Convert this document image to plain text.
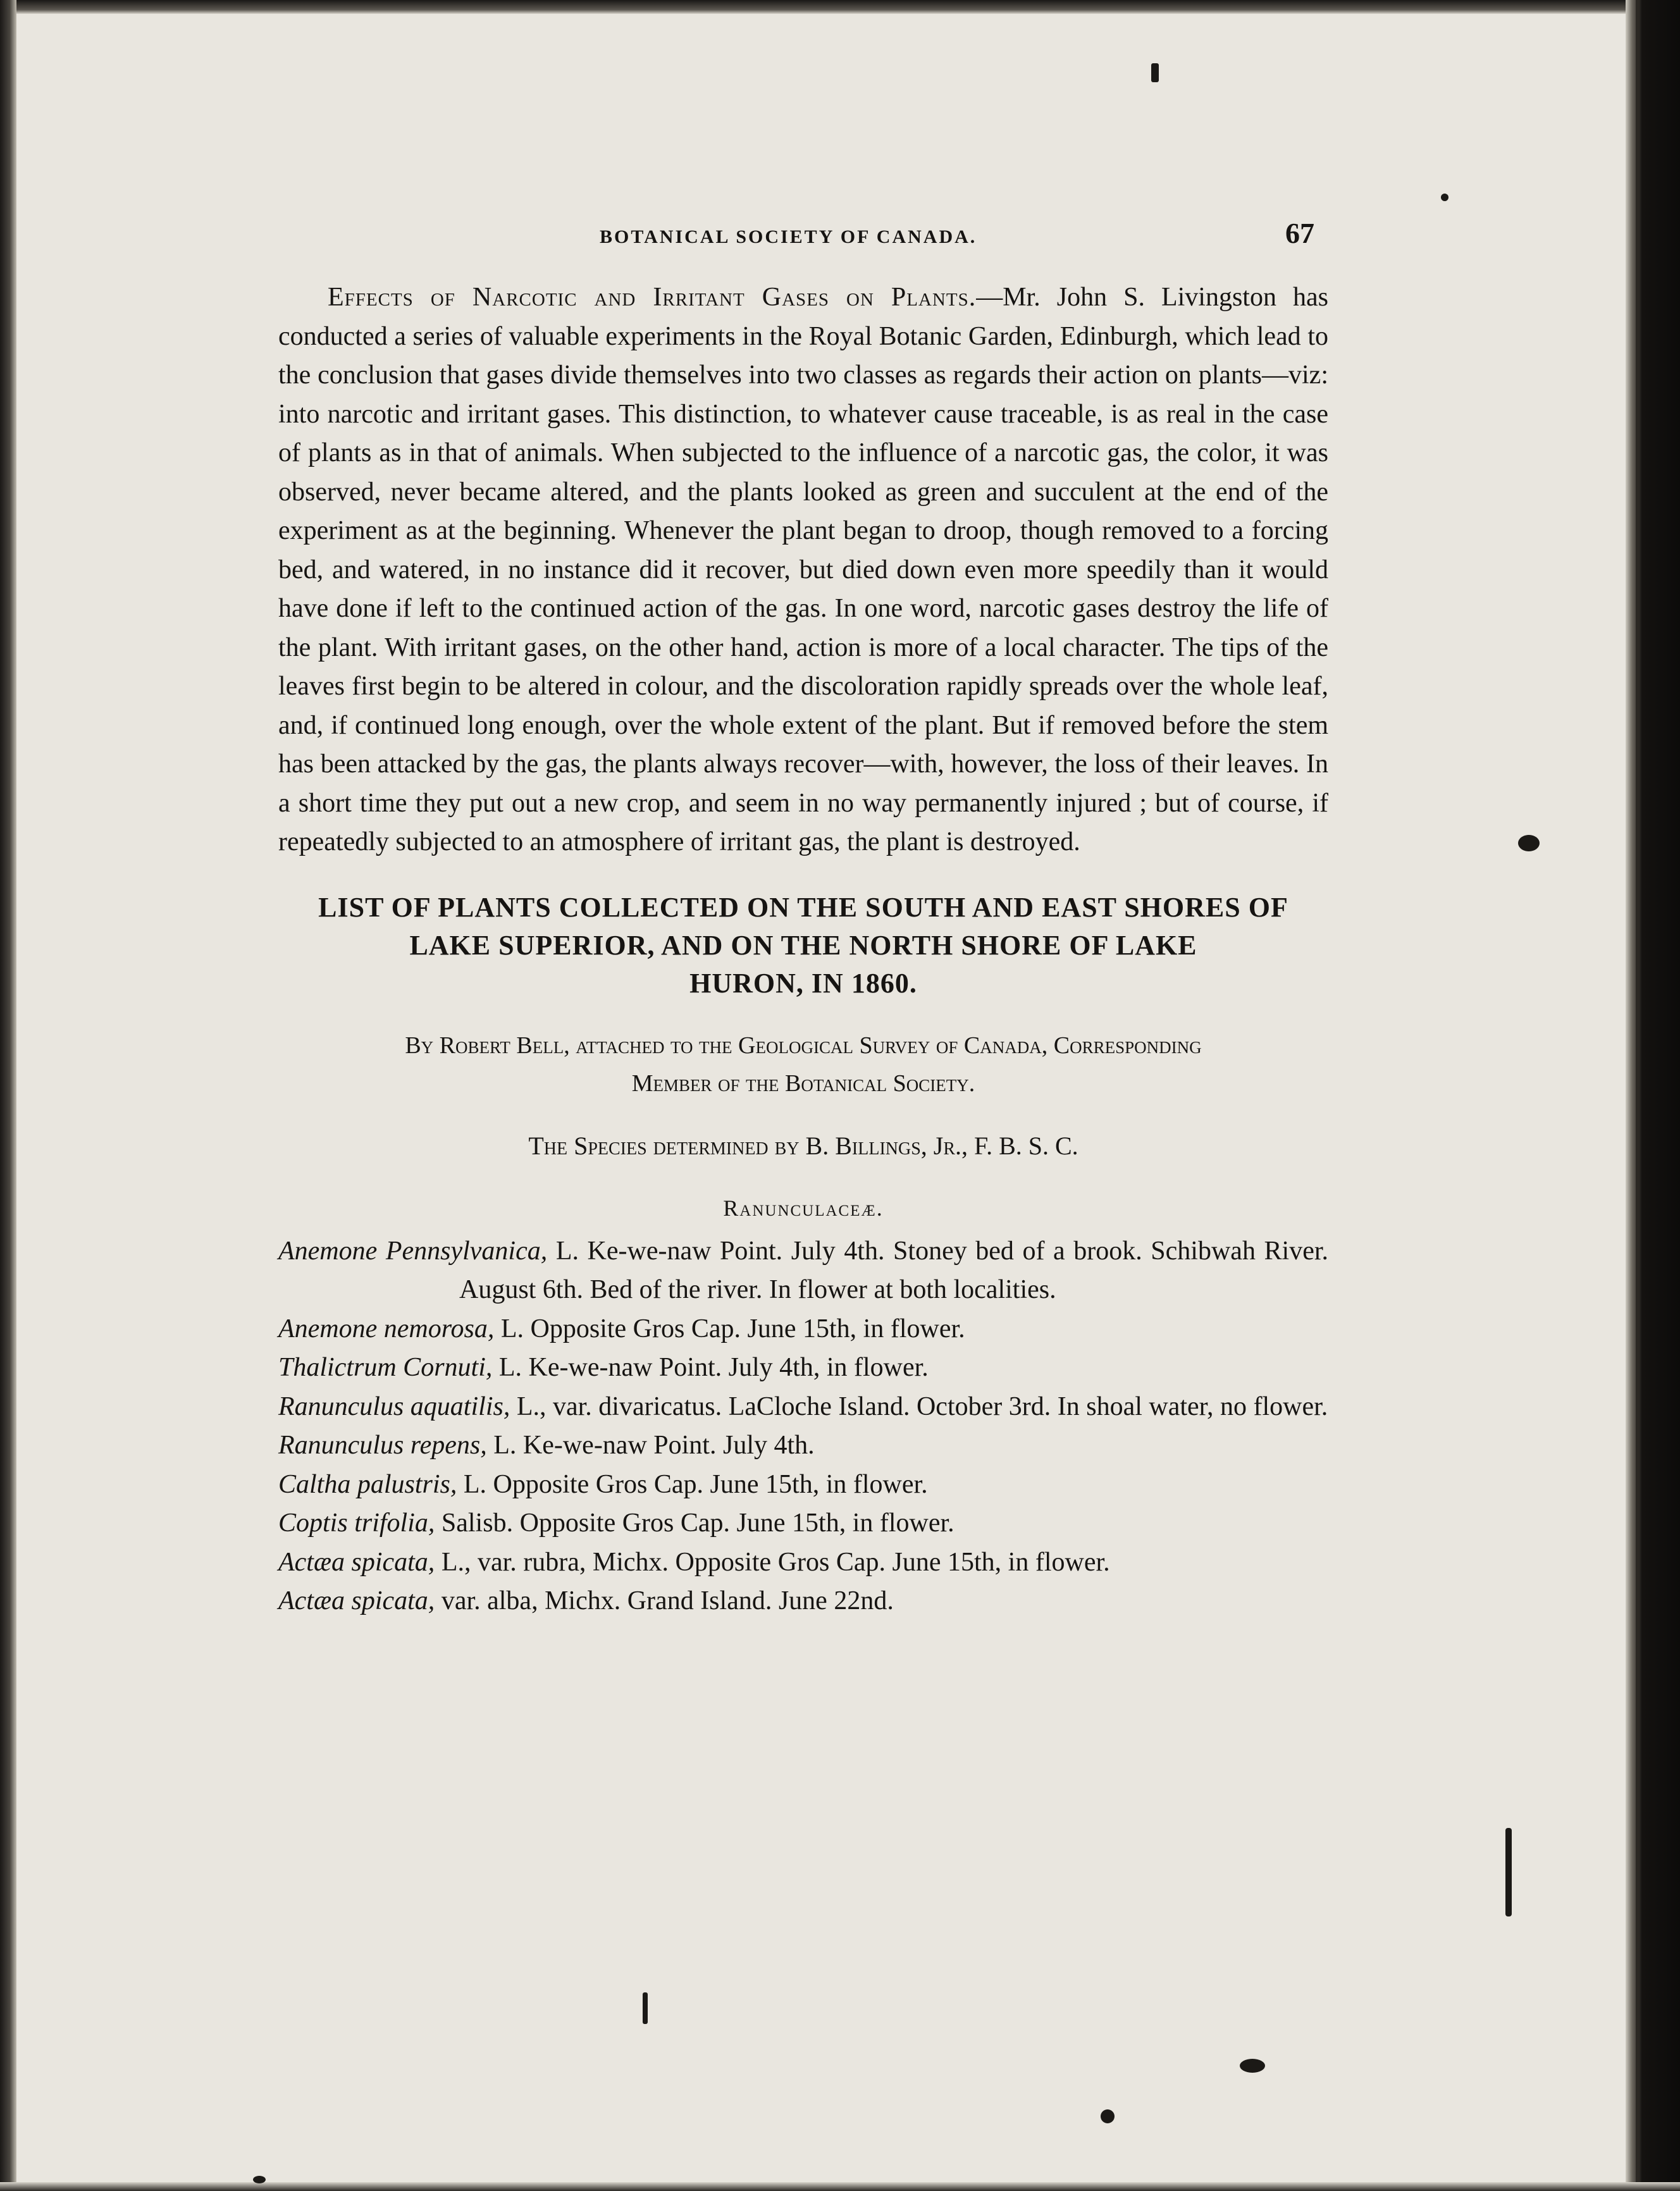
BOTANICAL SOCIETY OF CANADA.	67

Effects of Narcotic and Irritant Gases on Plants.—Mr. John S. Livingston has conducted a series of valuable experiments in the Royal Botanic Garden, Edinburgh, which lead to the conclusion that gases divide themselves into two classes as regards their action on plants—viz: into narcotic and irritant gases. This distinction, to whatever cause traceable, is as real in the case of plants as in that of animals. When subjected to the influence of a narcotic gas, the color, it was observed, never became altered, and the plants looked as green and succulent at the end of the experiment as at the beginning. Whenever the plant began to droop, though removed to a forcing bed, and watered, in no instance did it recover, but died down even more speedily than it would have done if left to the continued action of the gas. In one word, narcotic gases destroy the life of the plant. With irritant gases, on the other hand, action is more of a local character. The tips of the leaves first begin to be altered in colour, and the discoloration rapidly spreads over the whole leaf, and, if continued long enough, over the whole extent of the plant. But if removed before the stem has been attacked by the gas, the plants always recover—with, however, the loss of their leaves. In a short time they put out a new crop, and seem in no way permanently injured ; but of course, if repeatedly subjected to an atmosphere of irritant gas, the plant is destroyed.

LIST OF PLANTS COLLECTED ON THE SOUTH AND EAST SHORES OF
LAKE SUPERIOR, AND ON THE NORTH SHORE OF LAKE
HURON, IN 1860.

By Robert Bell, attached to the Geological Survey of Canada, Corresponding
Member of the Botanical Society.

The Species determined by B. Billings, Jr., F. B. S. C.

Ranunculaceæ.

Anemone Pennsylvanica, L. Ke-we-naw Point. July 4th. Stoney bed of a brook. Schibwah River. August 6th. Bed of the river. In flower at both localities.

Anemone nemorosa, L. Opposite Gros Cap. June 15th, in flower.

Thalictrum Cornuti, L. Ke-we-naw Point. July 4th, in flower.

Ranunculus aquatilis, L., var. divaricatus. LaCloche Island. October 3rd. In shoal water, no flower.

Ranunculus repens, L. Ke-we-naw Point. July 4th.

Caltha palustris, L. Opposite Gros Cap. June 15th, in flower.

Coptis trifolia, Salisb. Opposite Gros Cap. June 15th, in flower.

Actæa spicata, L., var. rubra, Michx. Opposite Gros Cap. June 15th, in flower.

Actæa spicata, var. alba, Michx. Grand Island. June 22nd.
